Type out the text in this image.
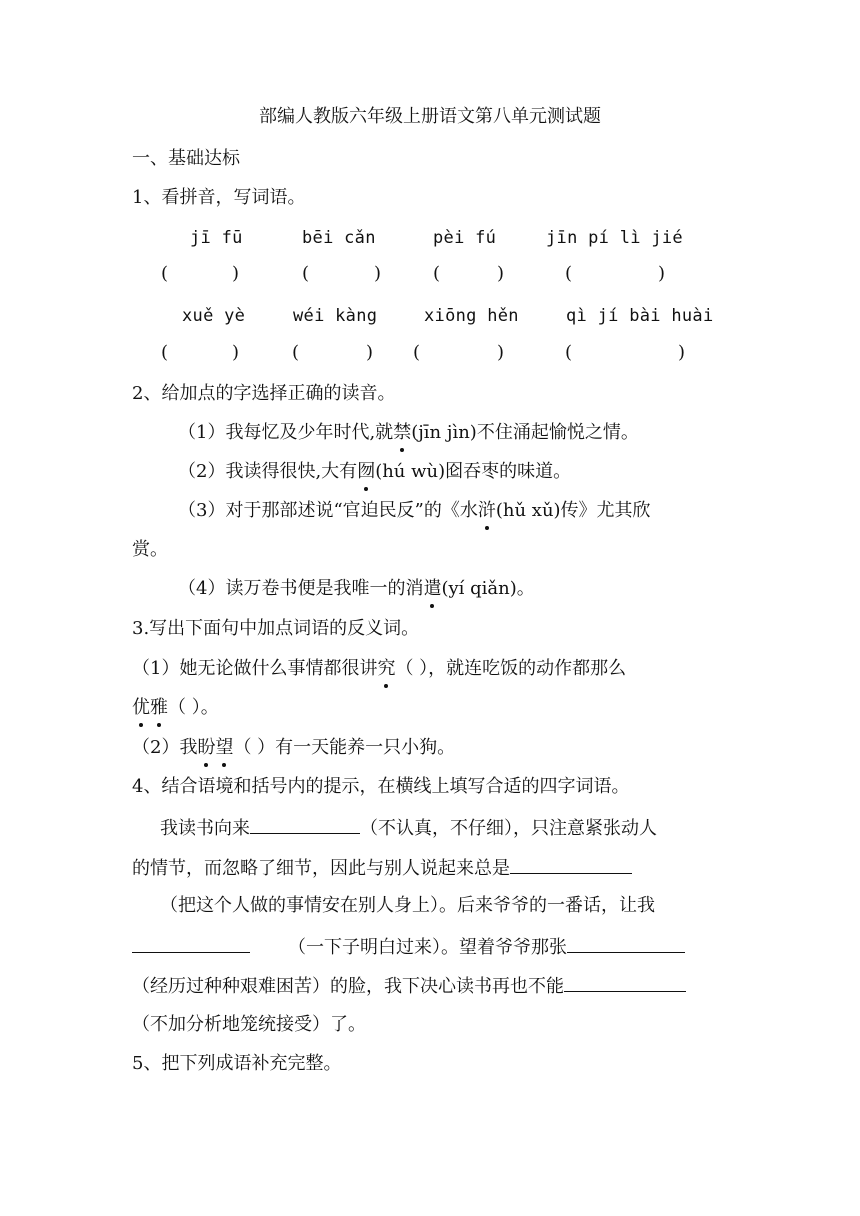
部编人教版六年级上册语文第八单元测试题
一、基础达标
1、看拼音，写词语。
jī fū	bēi cǎn	pèi fú	jīn pí lì jié
(	)	(	)	(	)	(	)
xuě yè	wéi kàng	xiōng hěn	qì jí bài huài
(	)	(	) (	)	(	)
2、给加点的字选择正确的读音。
（1）我每忆及少年时代,就禁(jīn jìn)不住涌起愉悦之情。
（2）我读得很快,大有囫(hú wù)囵吞枣的味道。
（3）对于那部述说“官迫民反”的《水浒(hǔ xǔ)传》尤其欣
赏。
（4）读万卷书便是我唯一的消遣(yí qiǎn)。
3.写出下面句中加点词语的反义词。
（1）她无论做什么事情都很讲究（ ），就连吃饭的动作都那么
优雅（ ）。
（2）我盼望（ ）有一天能养一只小狗。
4、结合语境和括号内的提示，在横线上填写合适的四字词语。
我读书向来	（不认真，不仔细），只注意紧张动人
的情节，而忽略了细节，因此与别人说起来总是
（把这个人做的事情安在别人身上）。后来爷爷的一番话，让我
（一下子明白过来）。望着爷爷那张
（经历过种种艰难困苦）的脸，我下决心读书再也不能
（不加分析地笼统接受）了。
5、把下列成语补充完整。
